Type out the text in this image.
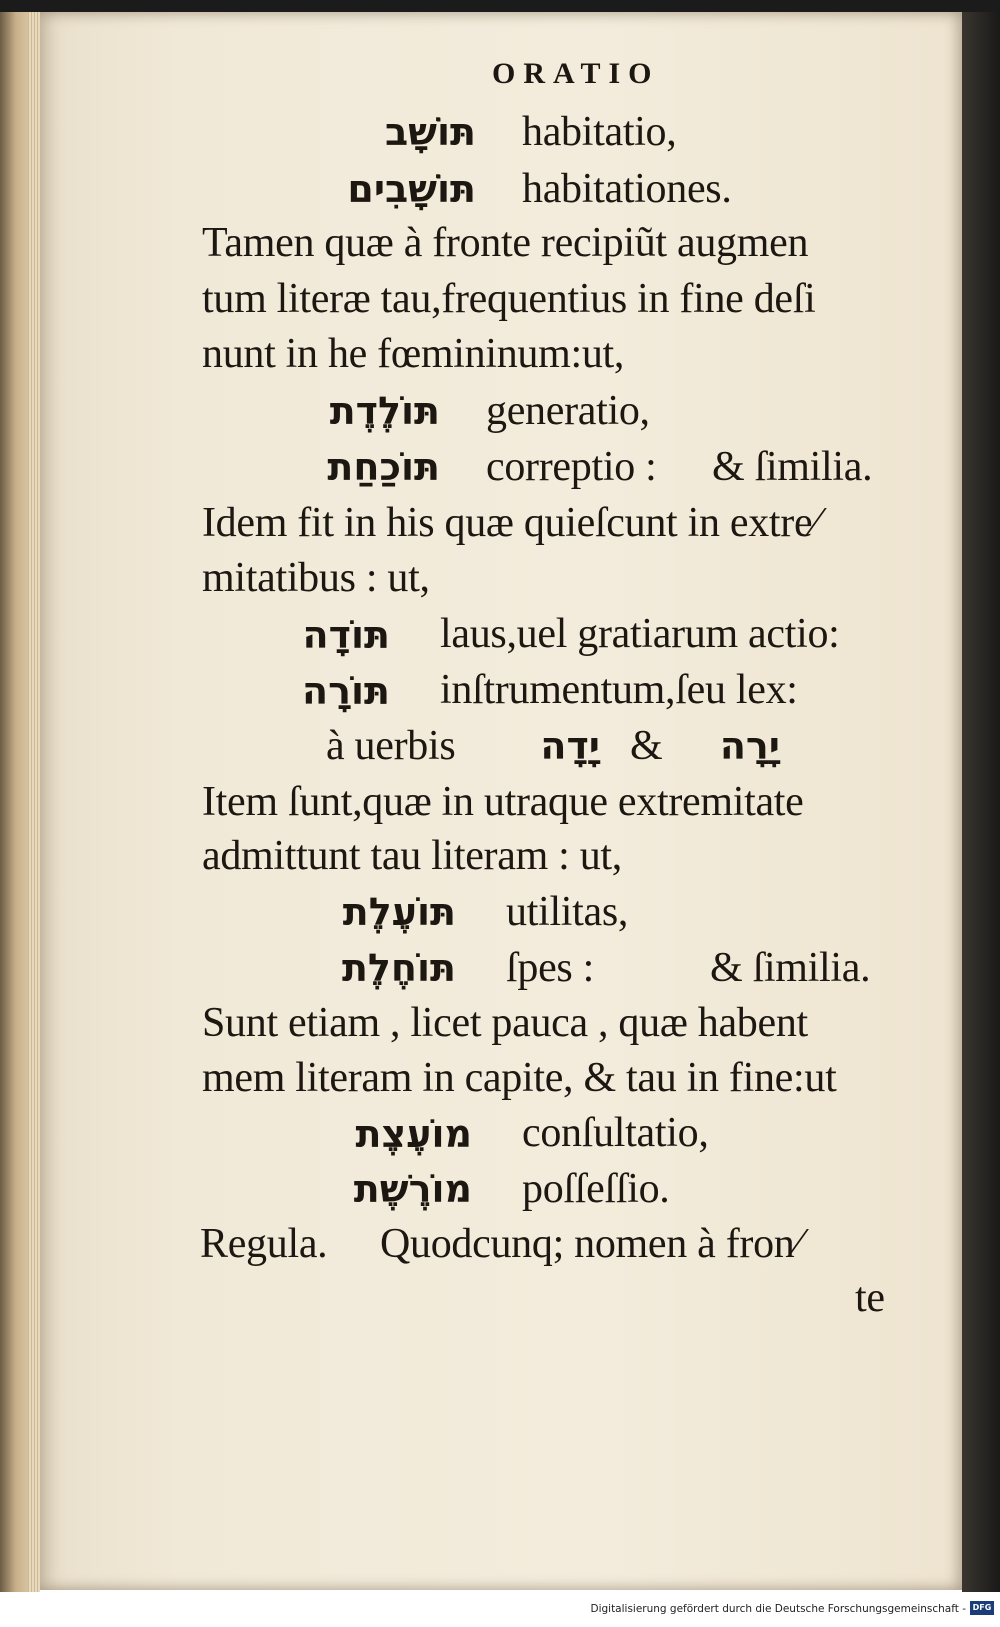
ORATIO
תּוֹשָׁב habitatio,
תּוֹשָׁבִים habitationes.
Tamen quæ à fronte recipiũt augmen
tum literæ tau,frequentius in fine deſi
nunt in he fœmininum:ut,
תּוֹלֶדֶת generatio,
תּוֹכַחַת correptio : & ſimilia.
Idem fit in his quæ quieſcunt in extre⁄
mitatibus : ut,
תּוֹדָה laus,uel gratiarum actio:
תּוֹרָה inſtrumentum,ſeu lex:
à uerbis	יָדָה &	יָרָה
Item ſunt,quæ in utraque extremitate
admittunt tau literam : ut,
תּוֹעֶלֶת utilitas,
תּוֹחֶלֶת ſpes :	& ſimilia.
Sunt etiam , licet pauca , quæ habent
mem literam in capite, & tau in fine:ut
מוֹעֶצֶת conſultatio,
מוֹרֶשֶׁת poſſeſſio.
Regula. Quodcunq; nomen à fron⁄
te
Digitalisierung gefördert durch die Deutsche Forschungsgemeinschaft - DFG
